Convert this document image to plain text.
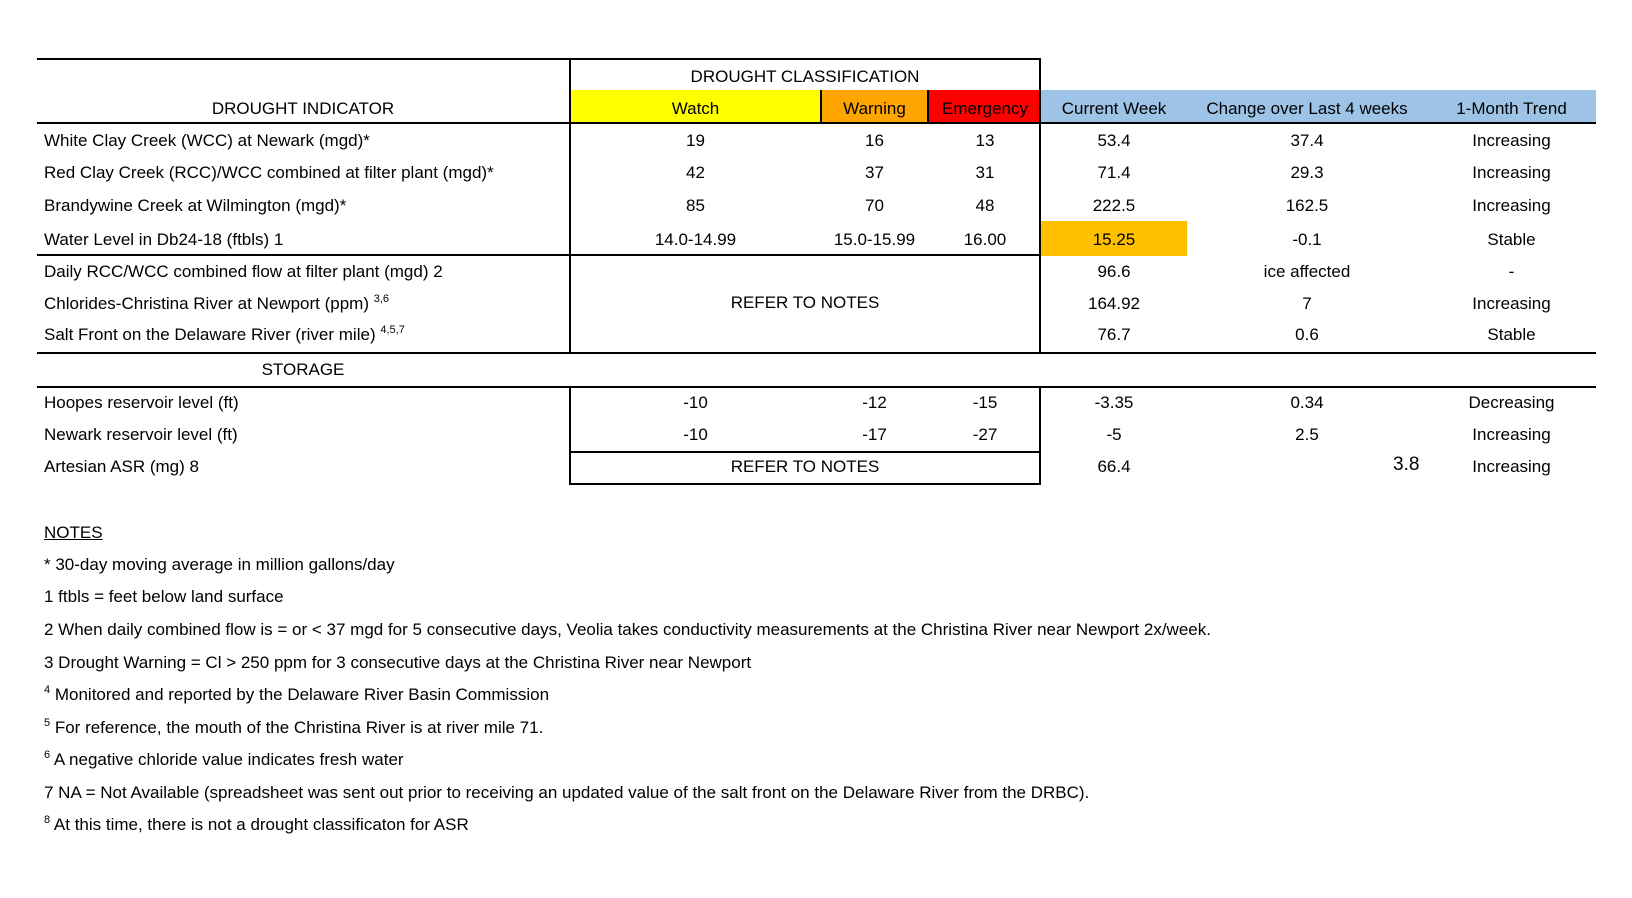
DROUGHT CLASSIFICATION
DROUGHT INDICATOR	Watch	Warning	Emergency	Current Week	Change over Last 4 weeks	1-Month Trend
White Clay Creek (WCC) at Newark (mgd)*	19	16	13	53.4	37.4	Increasing
Red Clay Creek (RCC)/WCC combined at filter plant (mgd)*	42	37	31	71.4	29.3	Increasing
Brandywine Creek at Wilmington (mgd)*	85	70	48	222.5	162.5	Increasing
Water Level in Db24-18 (ftbls) 1	14.0-14.99	15.0-15.99	16.00	15.25	-0.1	Stable
Daily RCC/WCC combined flow at filter plant (mgd) 2	96.6	ice affected	-
REFER TO NOTES
Chlorides-Christina River at Newport (ppm) $^{3,6}$	164.92	7	Increasing
Salt Front on the Delaware River (river mile) $^{4,5,7}$	76.7	0.6	Stable
STORAGE
Hoopes reservoir level (ft)	-10	-12	-15	-3.35	0.34	Decreasing
Newark reservoir level (ft)	-10	-17	-27	-5	2.5	Increasing
Artesian ASR (mg) 8	REFER TO NOTES	66.4	3.8	Increasing
NOTES
* 30-day moving average in million gallons/day
1 ftbls = feet below land surface
2 When daily combined flow is = or < 37 mgd for 5 consecutive days, Veolia takes conductivity measurements at the Christina River near Newport 2x/week.
3 Drought Warning = Cl > 250 ppm for 3 consecutive days at the Christina River near Newport
$^4$ Monitored and reported by the Delaware River Basin Commission
$^5$ For reference, the mouth of the Christina River is at river mile 71.
$^6$ A negative chloride value indicates fresh water
7 NA = Not Available (spreadsheet was sent out prior to receiving an updated value of the salt front on the Delaware River from the DRBC).
$^8$ At this time, there is not a drought classificaton for ASR
